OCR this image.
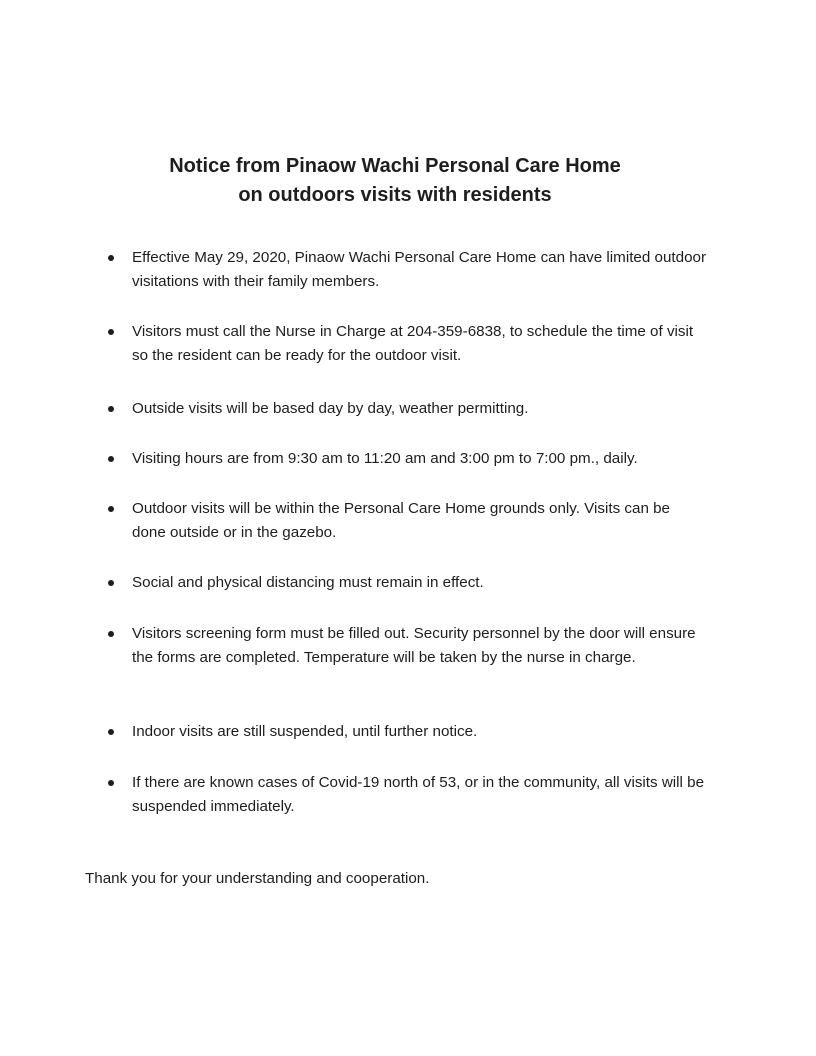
Notice from Pinaow Wachi Personal Care Home
on outdoors visits with residents
Effective May 29, 2020, Pinaow Wachi Personal Care Home can have limited outdoor visitations with their family members.
Visitors must call the Nurse in Charge at 204-359-6838, to schedule the time of visit so the resident can be ready for the outdoor visit.
Outside visits will be based day by day, weather permitting.
Visiting hours are from 9:30 am to 11:20 am and 3:00 pm to 7:00 pm., daily.
Outdoor visits will be within the Personal Care Home grounds only. Visits can be done outside or in the gazebo.
Social and physical distancing must remain in effect.
Visitors screening form must be filled out. Security personnel by the door will ensure the forms are completed. Temperature will be taken by the nurse in charge.
Indoor visits are still suspended, until further notice.
If there are known cases of Covid-19 north of 53, or in the community, all visits will be suspended immediately.
Thank you for your understanding and cooperation.
